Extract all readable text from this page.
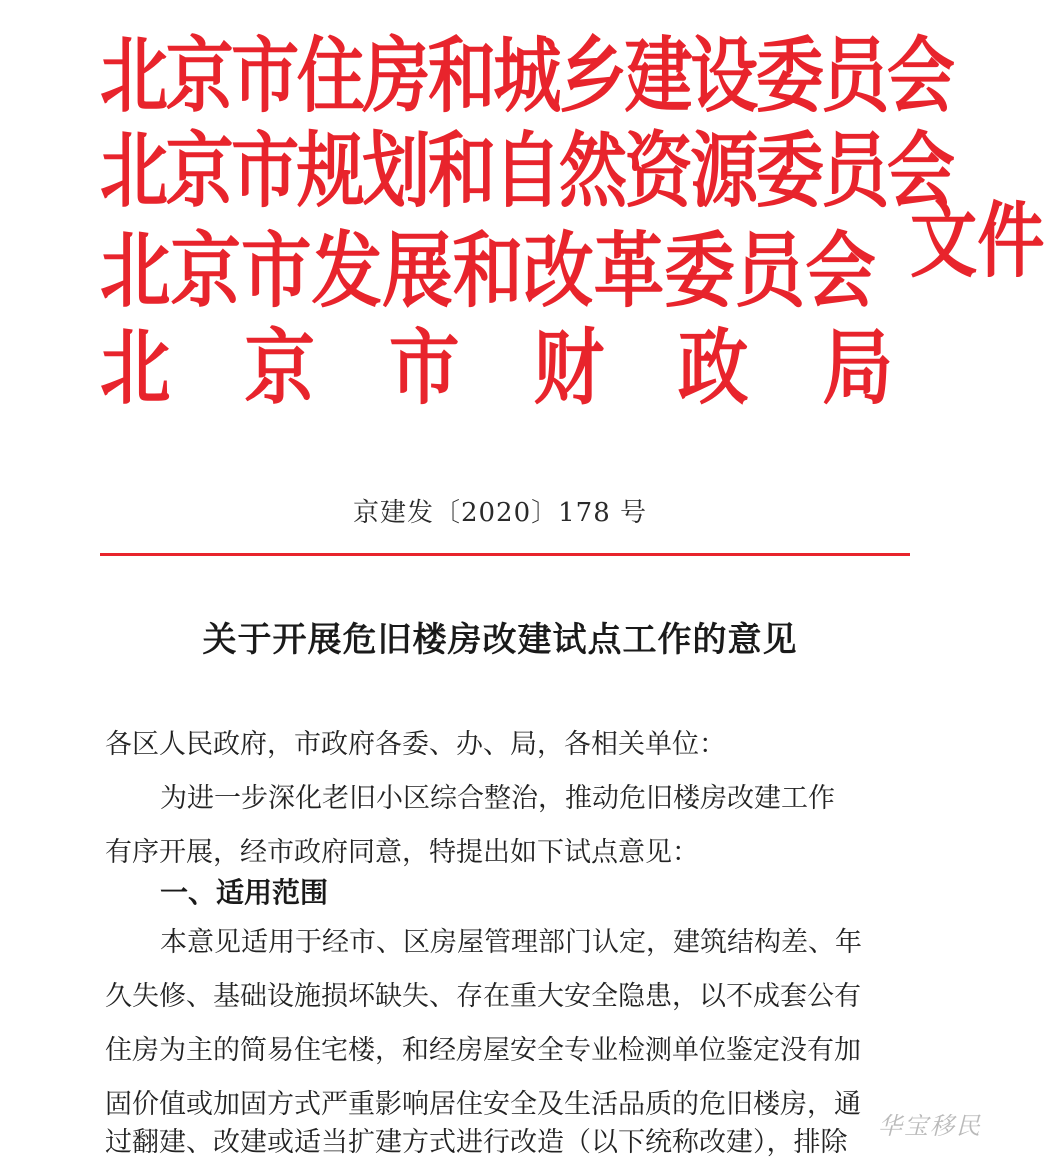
北京市住房和城乡建设委员会
北京市规划和自然资源委员会
北京市发展和改革委员会
北京市财政局
文件
京建发〔2020〕178 号
关于开展危旧楼房改建试点工作的意见
各区人民政府，市政府各委、办、局，各相关单位：
为进一步深化老旧小区综合整治，推动危旧楼房改建工作
有序开展，经市政府同意，特提出如下试点意见：
一、适用范围
本意见适用于经市、区房屋管理部门认定，建筑结构差、年
久失修、基础设施损坏缺失、存在重大安全隐患，以不成套公有
住房为主的简易住宅楼，和经房屋安全专业检测单位鉴定没有加
固价值或加固方式严重影响居住安全及生活品质的危旧楼房，通
过翻建、改建或适当扩建方式进行改造（以下统称改建），排除
华宝移民
